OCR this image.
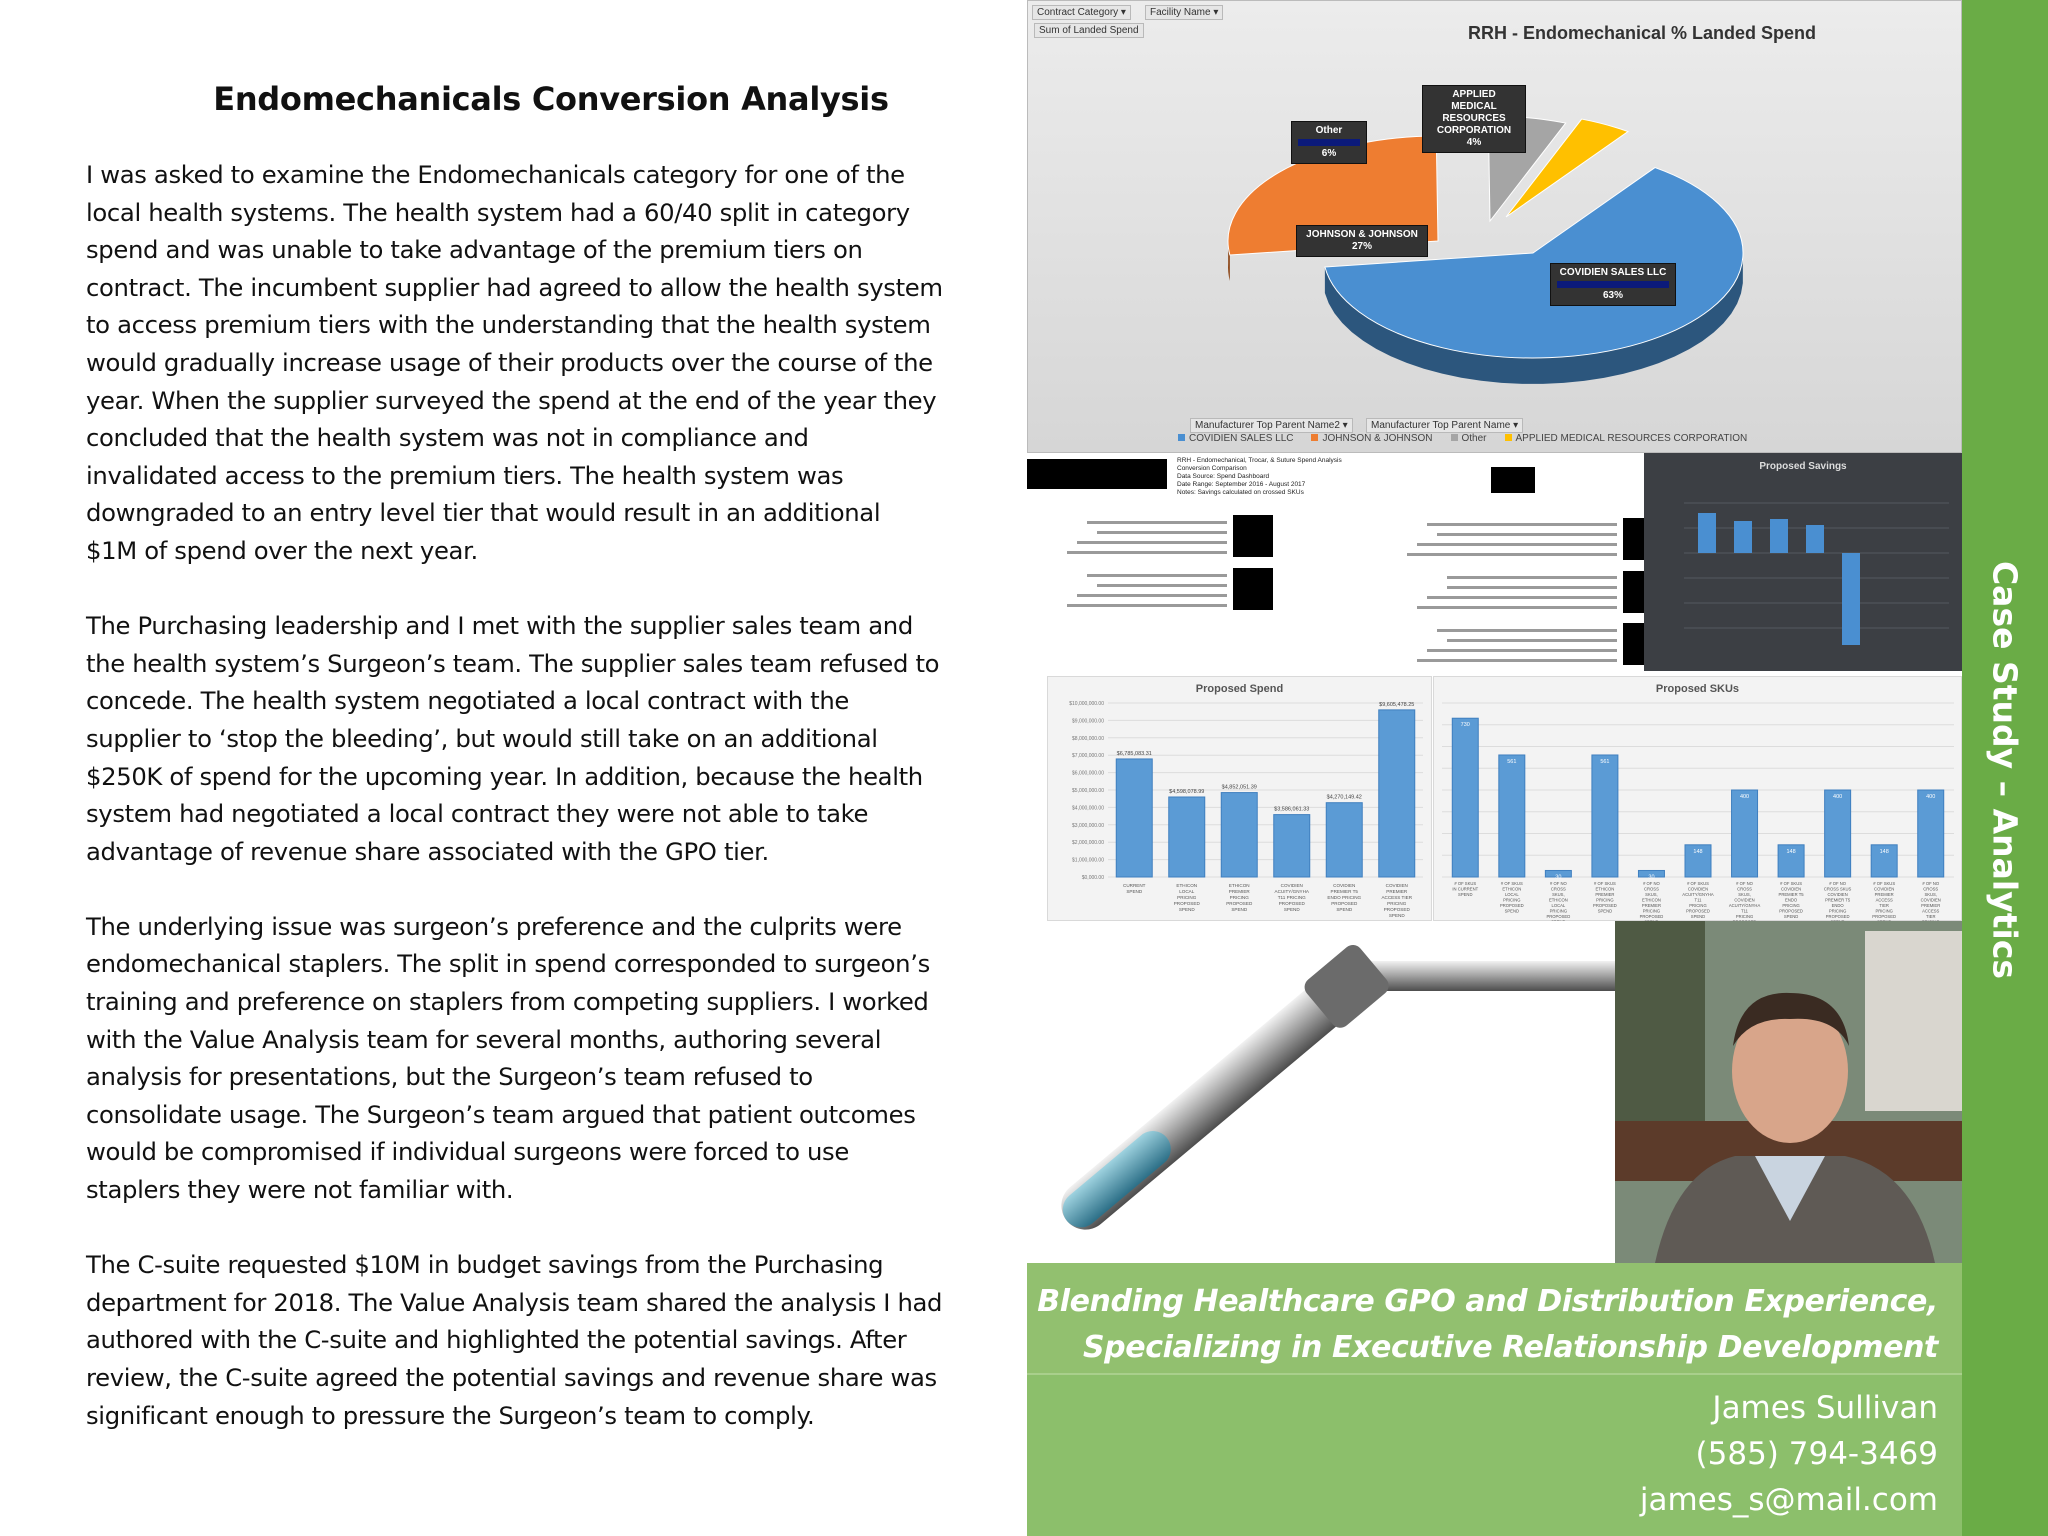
Endomechanicals Conversion Analysis

I was asked to examine the Endomechanicals category for one of the
local health systems. The health system had a 60/40 split in category
spend and was unable to take advantage of the premium tiers on
contract. The incumbent supplier had agreed to allow the health system
to access premium tiers with the understanding that the health system
would gradually increase usage of their products over the course of the
year. When the supplier surveyed the spend at the end of the year they
concluded that the health system was not in compliance and
invalidated access to the premium tiers. The health system was
downgraded to an entry level tier that would result in an additional
$1M of spend over the next year.

The Purchasing leadership and I met with the supplier sales team and
the health system’s Surgeon’s team. The supplier sales team refused to
concede. The health system negotiated a local contract with the
supplier to ‘stop the bleeding’, but would still take on an additional
$250K of spend for the upcoming year. In addition, because the health
system had negotiated a local contract they were not able to take
advantage of revenue share associated with the GPO tier.

The underlying issue was surgeon’s preference and the culprits were
endomechanical staplers. The split in spend corresponded to surgeon’s
training and preference on staplers from competing suppliers. I worked
with the Value Analysis team for several months, authoring several
analysis for presentations, but the Surgeon’s team refused to
consolidate usage. The Surgeon’s team argued that patient outcomes
would be compromised if individual surgeons were forced to use
staplers they were not familiar with.

The C-suite requested $10M in budget savings from the Purchasing
department for 2018. The Value Analysis team shared the analysis I had
authored with the C-suite and highlighted the potential savings. After
review, the C-suite agreed the potential savings and revenue share was
significant enough to pressure the Surgeon’s team to comply.

Contract Category ▾	Facility Name ▾
Sum of Landed Spend
Manufacturer Top Parent Name2 ▾	Manufacturer Top Parent Name ▾
RRH - Endomechanical % Landed Spend
APPLIED MEDICAL RESOURCES CORPORATION 4%
Other
6%
JOHNSON & JOHNSON 27%
COVIDIEN SALES LLC
63%
COVIDIEN SALES LLC	JOHNSON & JOHNSON	Other	APPLIED MEDICAL RESOURCES CORPORATION
RRH - Endomechanical, Trocar, & Suture Spend Analysis
Conversion Comparison
Data Source: Spend Dashboard
Date Range: September 2016 - August 2017
Notes: Savings calculated on crossed SKUs
Proposed Savings
Proposed Spend
$0,000.00
$1,000,000.00
$2,000,000.00
$3,000,000.00
$4,000,000.00
$5,000,000.00
$6,000,000.00
$7,000,000.00
$8,000,000.00
$9,000,000.00
$10,000,000.00
$6,785,083.31
CURRENT
SPEND
$4,598,078.99
ETHICON
LOCAL
PRICING
PROPOSED
SPEND
$4,852,051.39
ETHICON
PREMIER
PRICING
PROPOSED
SPEND
$3,586,061.33
COVIDIEN
ACUITY/GNYHA
T11 PRICING
PROPOSED
SPEND
$4,270,149.42
COVIDIEN
PREMIER T5
ENDO PRICING
PROPOSED
SPEND
$9,605,478.25
COVIDIEN
PREMIER
ACCESS TIER
PRICING
PROPOSED
SPEND
Proposed SKUs
730
# OF SKUS
IN CURRENT
SPEND
561
# OF SKUS
ETHICON
LOCAL
PRICING
PROPOSED
SPEND
30
# OF NO
CROSS
SKUS,
ETHICON
LOCAL
PRICING
PROPOSED
561
# OF SKUS
ETHICON
PREMIER
PRICING
PROPOSED
SPEND
30
# OF NO
CROSS
SKUS,
ETHICON
PREMIER
PRICING
PROPOSED
148
# OF SKUS
COVIDIEN
ACUITY/GNYHA
T11
PRICING
PROPOSED
SPEND
400
# OF NO
CROSS
SKUS,
COVIDIEN
ACUITY/GNYHA
T11
PRICING
148
# OF SKUS
COVIDIEN
PREMIER T5
ENDO
PRICING
PROPOSED
SPEND
400
# OF NO
CROSS SKUS
COVIDIEN
PREMIER T5
ENDO
PRICING
PROPOSED
148
# OF SKUS
COVIDIEN
PREMIER
ACCESS
TIER
PRICING
PROPOSED
400
# OF NO
CROSS
SKUS,
COVIDIEN
PREMIER
ACCESS
TIER
Blending Healthcare GPO and Distribution Experience,
Specializing in Executive Relationship Development
James Sullivan
(585) 794-3469
james_s@mail.com
Case Study – Analytics
